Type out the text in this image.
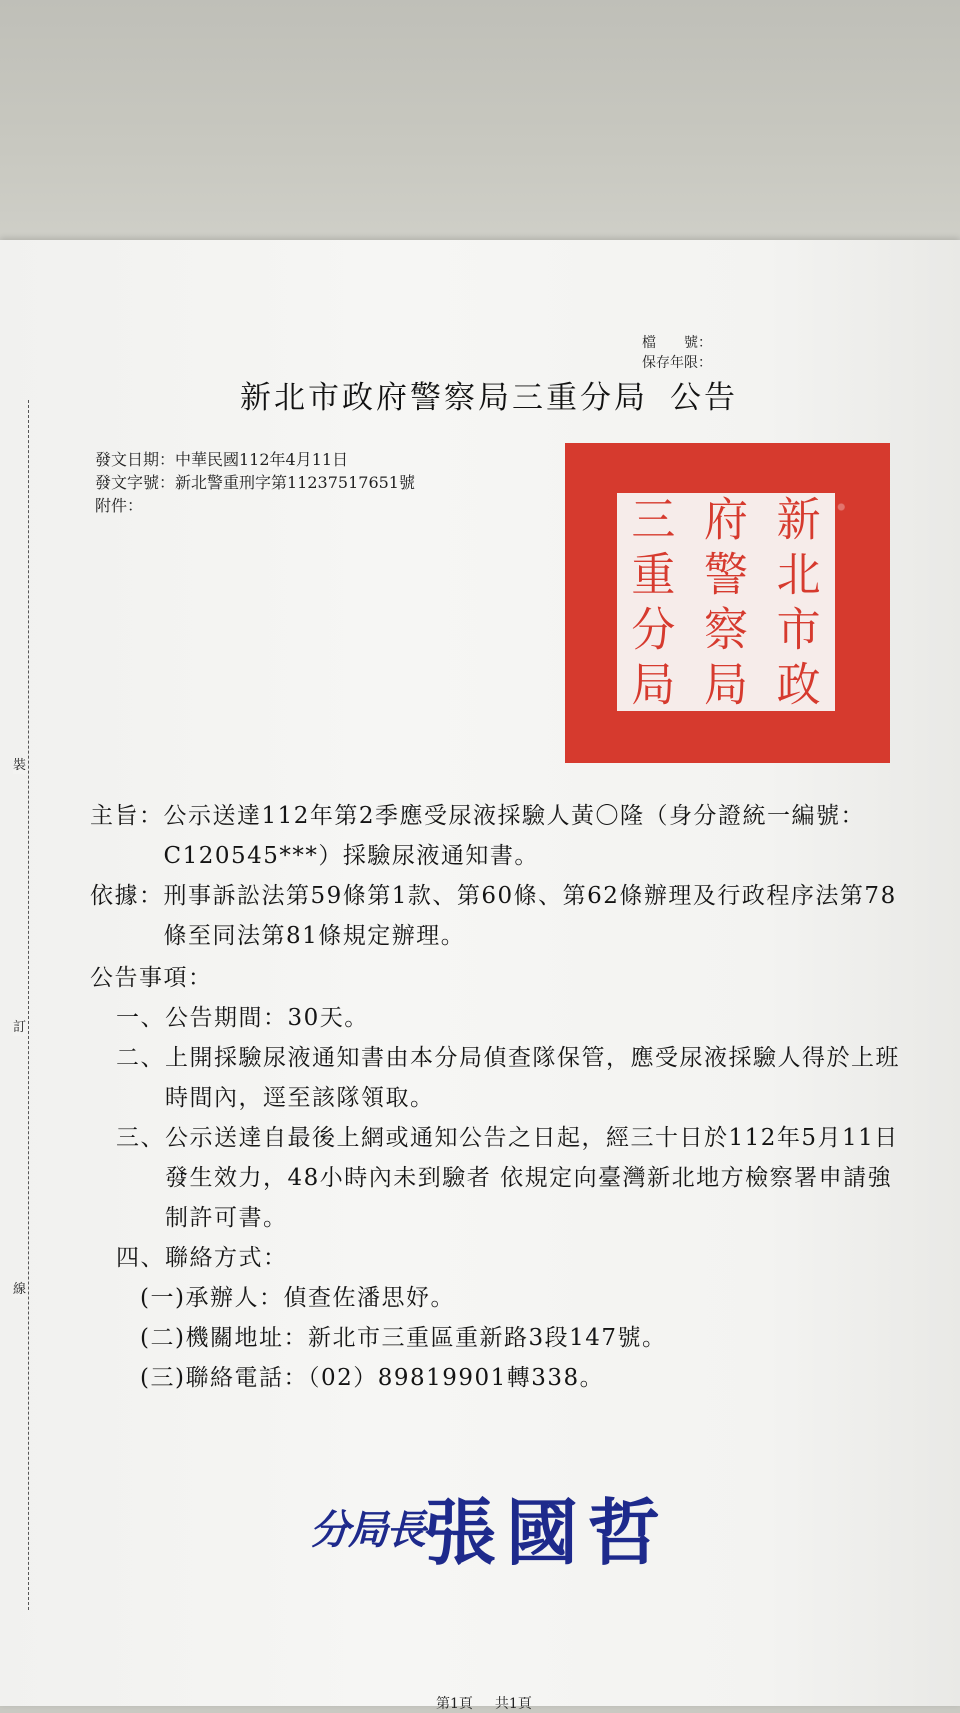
裝
訂
線
檔　　號：
保存年限：
新北市政府警察局三重分局 公告
發文日期：中華民國112年4月11日
發文字號：新北警重刑字第11237517651號
附件：	新
府
三
北
警
重
市
察
分
政
局
局
主旨： 公示送達112年第2季應受尿液採驗人黃〇隆（身分證統一編號：C120545***）採驗尿液通知書。
依據： 刑事訴訟法第59條第1款、第60條、第62條辦理及行政程序法第78條至同法第81條規定辦理。
公告事項：
一、 公告期間：30天。
二、 上開採驗尿液通知書由本分局偵查隊保管，應受尿液採驗人得於上班時間內，逕至該隊領取。
三、 公示送達自最後上網或通知公告之日起，經三十日於112年5月11日發生效力，48小時內未到驗者 依規定向臺灣新北地方檢察署申請強制許可書。
四、 聯絡方式：
(一)承辦人：偵查佐潘思妤。
(二)機關地址：新北市三重區重新路3段147號。
(三)聯絡電話：（02）89819901轉338。
分局長張國哲
第1頁 共1頁
